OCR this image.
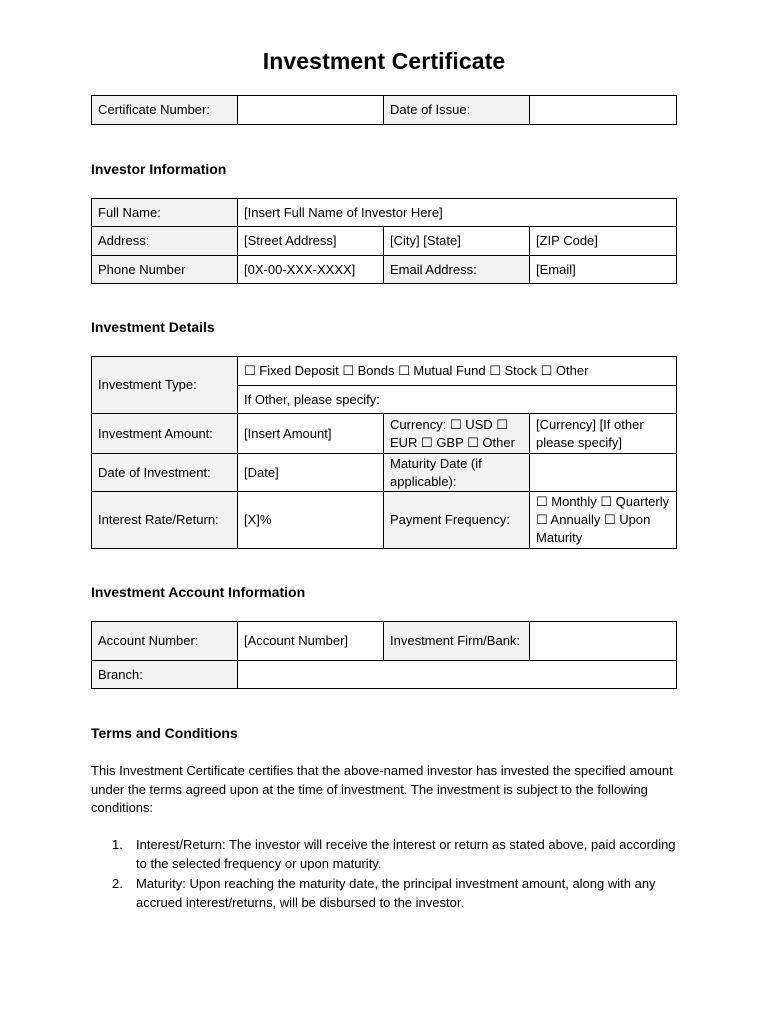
Investment Certificate
Certificate Number:		Date of Issue:	
Investor Information
Full Name:	[Insert Full Name of Investor Here]		
Address:	[Street Address]	[City] [State]	[ZIP Code]
Phone Number	[0X-00-XXX-XXXX]	Email Address:	[Email]
Investment Details
Investment Type:	☐ Fixed Deposit ☐ Bonds ☐ Mutual Fund ☐ Stock ☐ Other		
	If Other, please specify:		
Investment Amount:	[Insert Amount]	Currency: ☐ USD ☐ EUR ☐ GBP ☐ Other	[Currency] [If other please specify]
Date of Investment:	[Date]	Maturity Date (if applicable):	
Interest Rate/Return:	[X]%	Payment Frequency:	☐ Monthly ☐ Quarterly ☐ Annually ☐ Upon Maturity
Investment Account Information
Account Number:	[Account Number]	Investment Firm/Bank:	
Branch:			
Terms and Conditions

This Investment Certificate certifies that the above-named investor has invested the specified amount under the terms agreed upon at the time of investment. The investment is subject to the following conditions:

1. Interest/Return: The investor will receive the interest or return as stated above, paid according to the selected frequency or upon maturity.
2. Maturity: Upon reaching the maturity date, the principal investment amount, along with any accrued interest/returns, will be disbursed to the investor.
